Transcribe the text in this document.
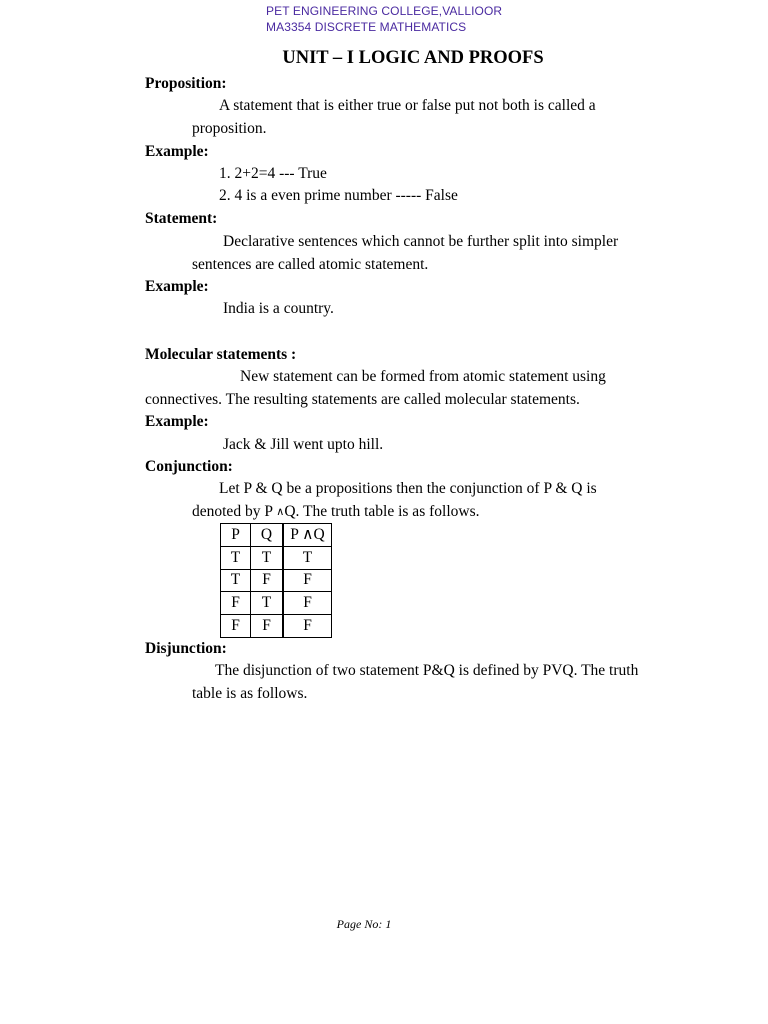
PET ENGINEERING COLLEGE,VALLIOOR
MA3354 DISCRETE MATHEMATICS
UNIT – I LOGIC AND PROOFS
Proposition:
A statement that is either true or false put not both is called a
proposition.
Example:
1. 2+2=4 --- True
2. 4 is a even prime number ----- False
Statement:
Declarative sentences which cannot be further split into simpler
sentences are called atomic statement.
Example:
India is a country.
Molecular statements :
New statement can be formed from atomic statement using
connectives. The resulting statements are called molecular statements.
Example:
Jack & Jill went upto hill.
Conjunction:
Let P & Q be a propositions then the conjunction of P & Q is
denoted by P ∧Q. The truth table is as follows.
P	Q	P ∧Q
T	T	T
T	F	F
F	T	F
F	F	F
Disjunction:
The disjunction of two statement P&Q is defined by PVQ. The truth
table is as follows.
Page No: 1
